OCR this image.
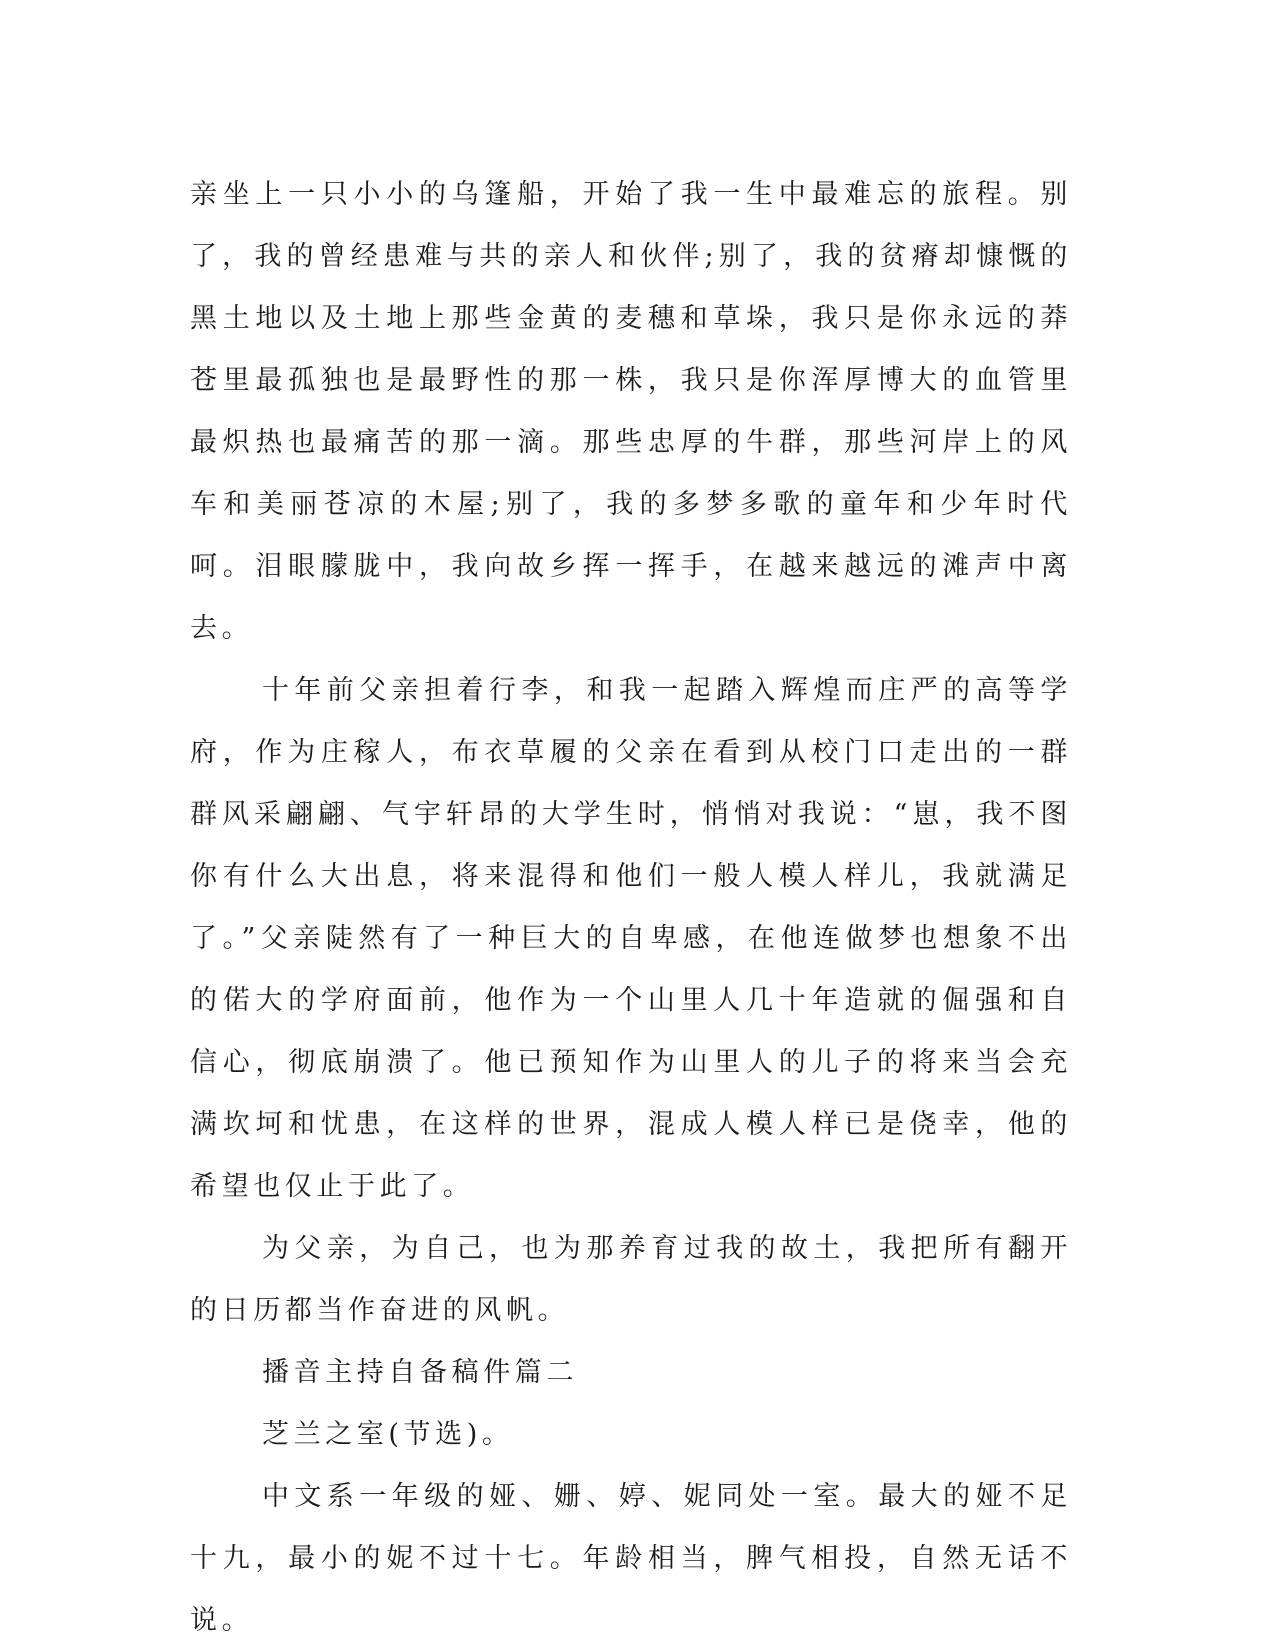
亲坐上一只小小的乌篷船，开始了我一生中最难忘的旅程。别了，我的曾经患难与共的亲人和伙伴;别了，我的贫瘠却慷慨的黑土地以及土地上那些金黄的麦穗和草垛，我只是你永远的莽苍里最孤独也是最野性的那一株，我只是你浑厚博大的血管里最炽热也最痛苦的那一滴。那些忠厚的牛群，那些河岸上的风车和美丽苍凉的木屋;别了，我的多梦多歌的童年和少年时代呵。泪眼朦胧中，我向故乡挥一挥手，在越来越远的滩声中离去。

十年前父亲担着行李，和我一起踏入辉煌而庄严的高等学府，作为庄稼人，布衣草履的父亲在看到从校门口走出的一群群风采翩翩、气宇轩昂的大学生时，悄悄对我说：“崽，我不图你有什么大出息，将来混得和他们一般人模人样儿，我就满足了。”父亲陡然有了一种巨大的自卑感，在他连做梦也想象不出的偌大的学府面前，他作为一个山里人几十年造就的倔强和自信心，彻底崩溃了。他已预知作为山里人的儿子的将来当会充满坎坷和忧患，在这样的世界，混成人模人样已是侥幸，他的希望也仅止于此了。

为父亲，为自己，也为那养育过我的故土，我把所有翻开的日历都当作奋进的风帆。

播音主持自备稿件篇二

芝兰之室(节选)。

中文系一年级的娅、姗、婷、妮同处一室。最大的娅不足十九，最小的妮不过十七。年龄相当，脾气相投，自然无话不说。
